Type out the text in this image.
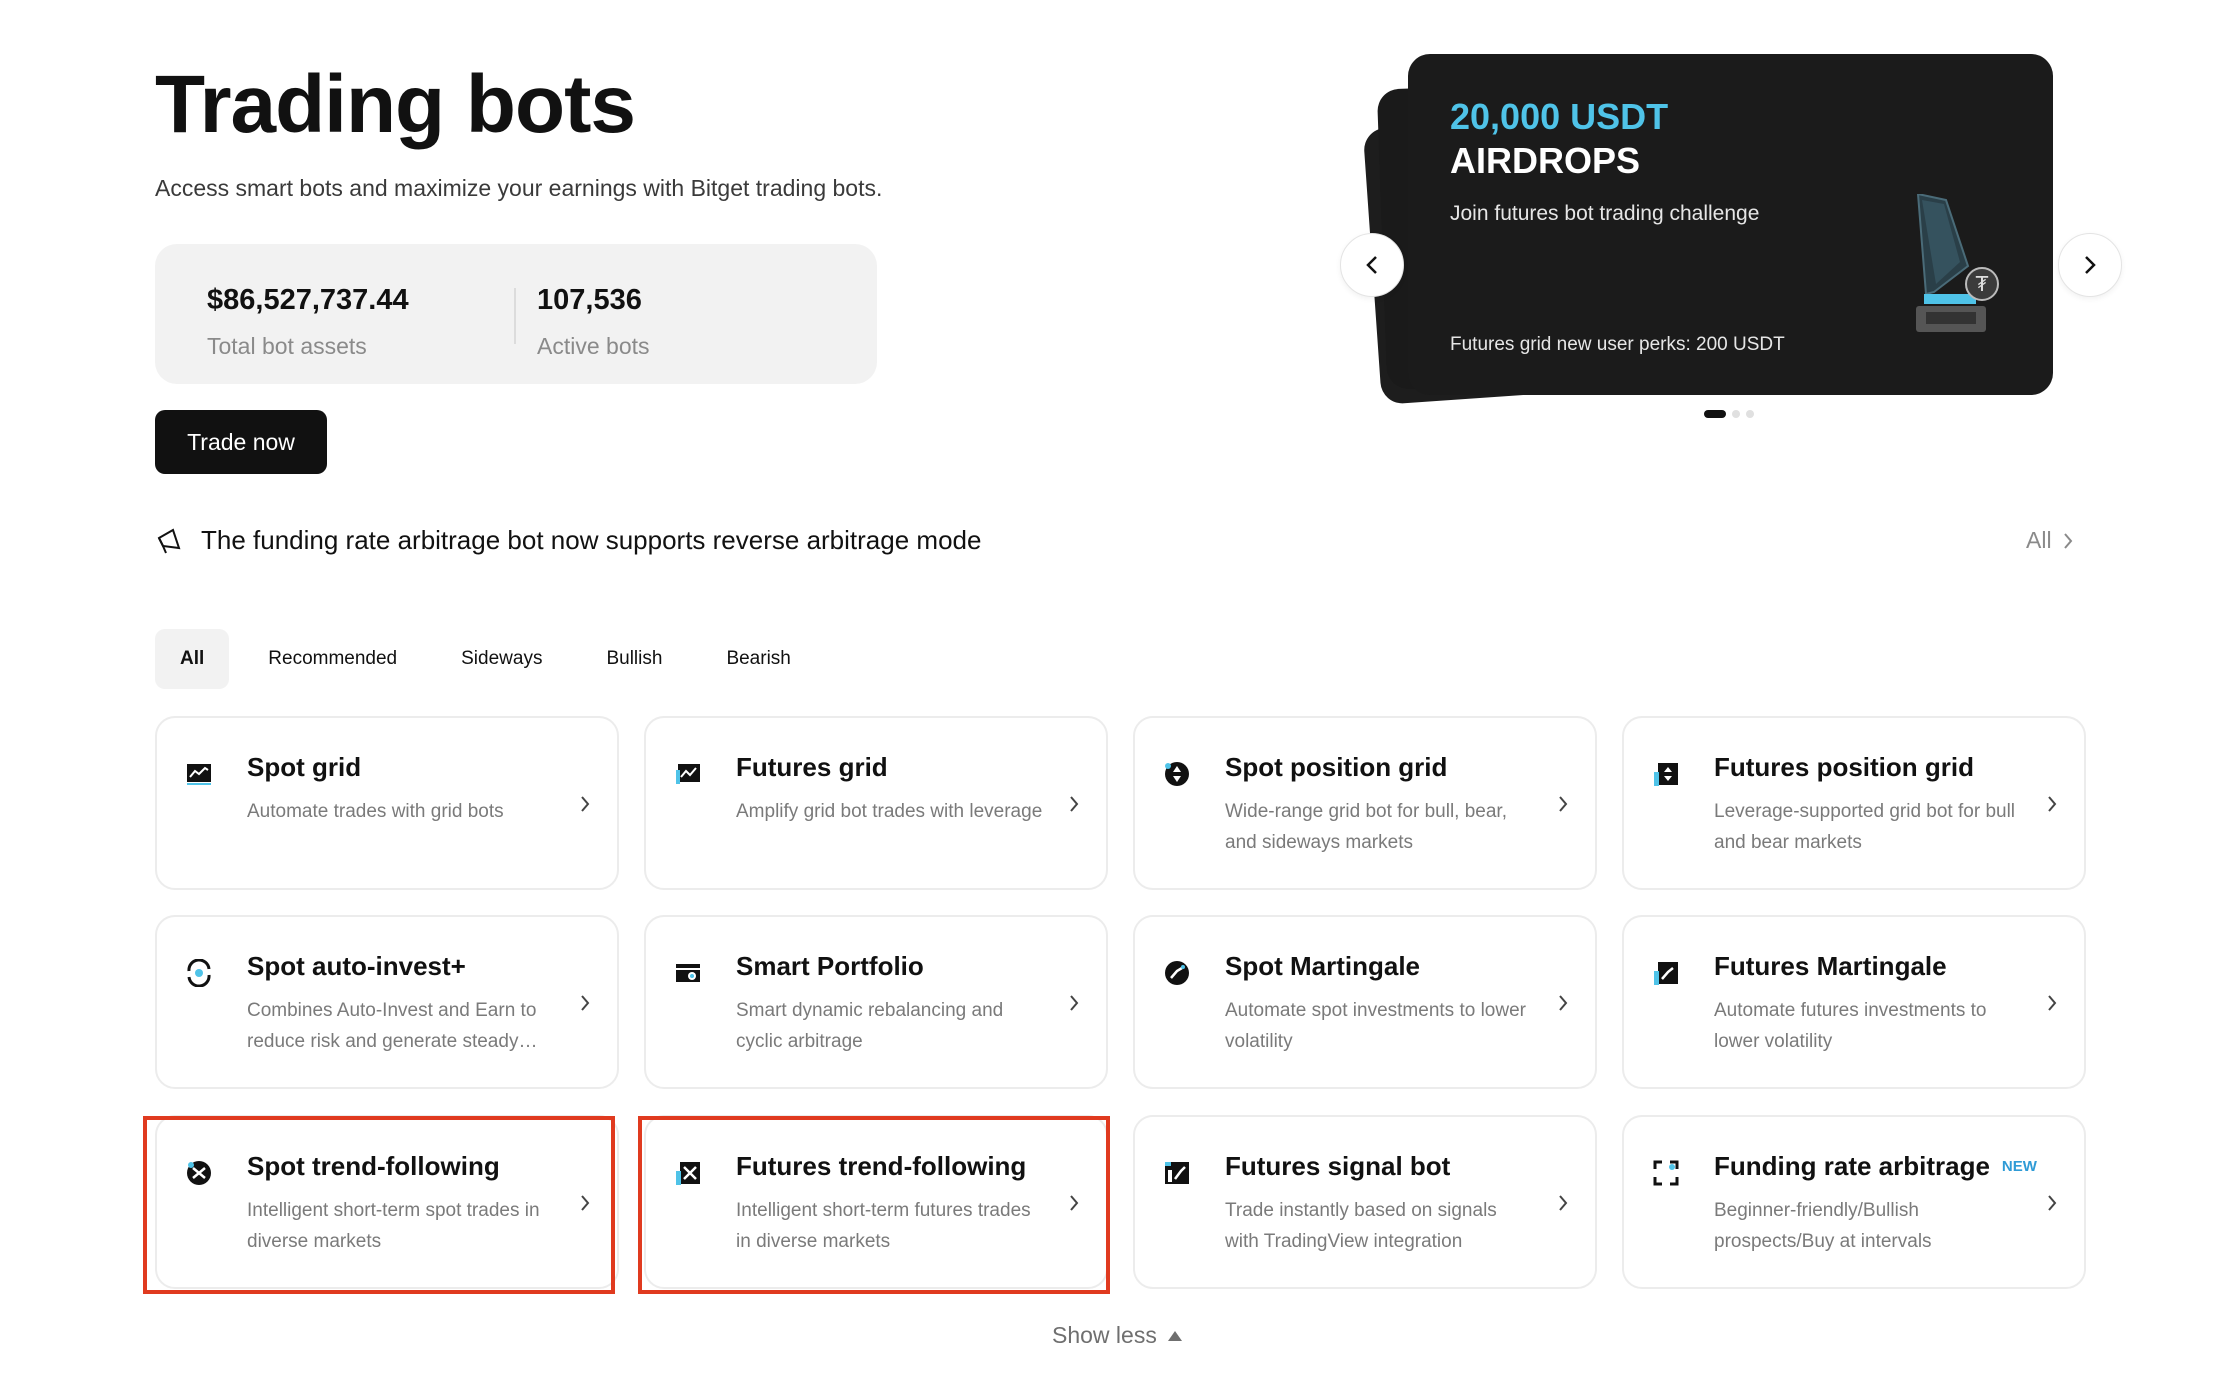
Trading bots

Access smart bots and maximize your earnings with Bitget trading bots.

$86,527,737.44
Total bot assets
107,536
Active bots
Trade now
20,000 USDT
AIRDROPS
Join futures bot trading challenge
Futures grid new user perks: 200 USDT
₮
The funding rate arbitrage bot now supports reverse arbitrage mode	All
All	Recommended	Sideways	Bullish	Bearish
Spot grid
Automate trades with grid bots
Futures grid
Amplify grid bot trades with leverage
Spot position grid
Wide-range grid bot for bull, bear, and sideways markets
Futures position grid
Leverage-supported grid bot for bull and bear markets
Spot auto-invest+
Combines Auto-Invest and Earn to reduce risk and generate steady…
Smart Portfolio
Smart dynamic rebalancing and cyclic arbitrage
Spot Martingale
Automate spot investments to lower volatility
Futures Martingale
Automate futures investments to lower volatility
Spot trend-following
Intelligent short-term spot trades in diverse markets
Futures trend-following
Intelligent short-term futures trades in diverse markets
Futures signal bot
Trade instantly based on signals with TradingView integration
Funding rate arbitrage NEW
Beginner-friendly/Bullish prospects/Buy at intervals
Show less
